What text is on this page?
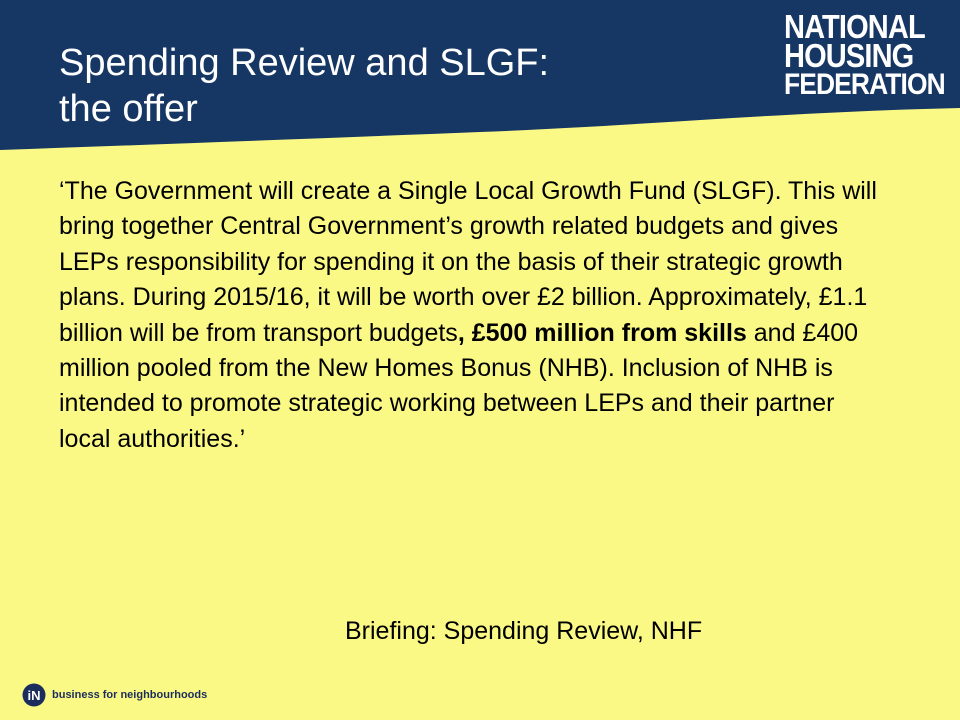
Spending Review and SLGF:
the offer
NATIONAL
HOUSING
FEDERATION

‘The Government will create a Single Local Growth Fund (SLGF). This will bring together Central Government’s growth related budgets and gives LEPs responsibility for spending it on the basis of their strategic growth plans. During 2015/16, it will be worth over £2 billion. Approximately, £1.1 billion will be from transport budgets, £500 million from skills and £400 million pooled from the New Homes Bonus (NHB). Inclusion of NHB is intended to promote strategic working between LEPs and their partner local authorities.’

Briefing: Spending Review, NHF
iN business for neighbourhoods
